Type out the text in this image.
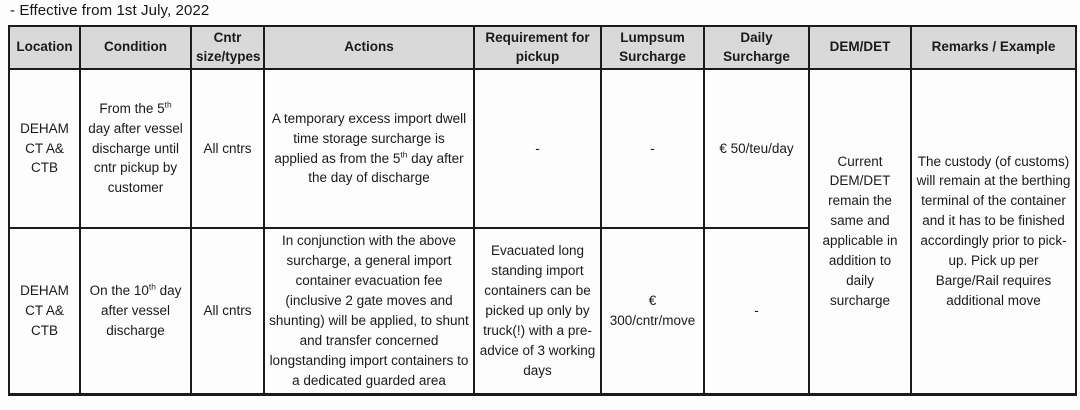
- Effective from 1st July, 2022
Location	Condition	Cntr size/types	Actions	Requirement for pickup	Lumpsum Surcharge	Daily Surcharge	DEM/DET	Remarks / Example
DEHAM CT A& CTB	From the 5th day after vessel discharge until cntr pickup by customer	All cntrs	A temporary excess import dwell time storage surcharge is applied as from the 5th day after the day of discharge	-	-	€ 50/teu/day	Current DEM/DET remain the same and applicable in addition to daily surcharge	The custody (of customs) will remain at the berthing terminal of the container and it has to be finished accordingly prior to pick-up. Pick up per Barge/Rail requires additional move
DEHAM CT A& CTB	On the 10th day after vessel discharge	All cntrs	In conjunction with the above surcharge, a general import container evacuation fee (inclusive 2 gate moves and shunting) will be applied, to shunt and transfer concerned longstanding import containers to a dedicated guarded area	Evacuated long standing import containers can be picked up only by truck(!) with a pre-advice of 3 working days	€ 300/cntr/move	-		
